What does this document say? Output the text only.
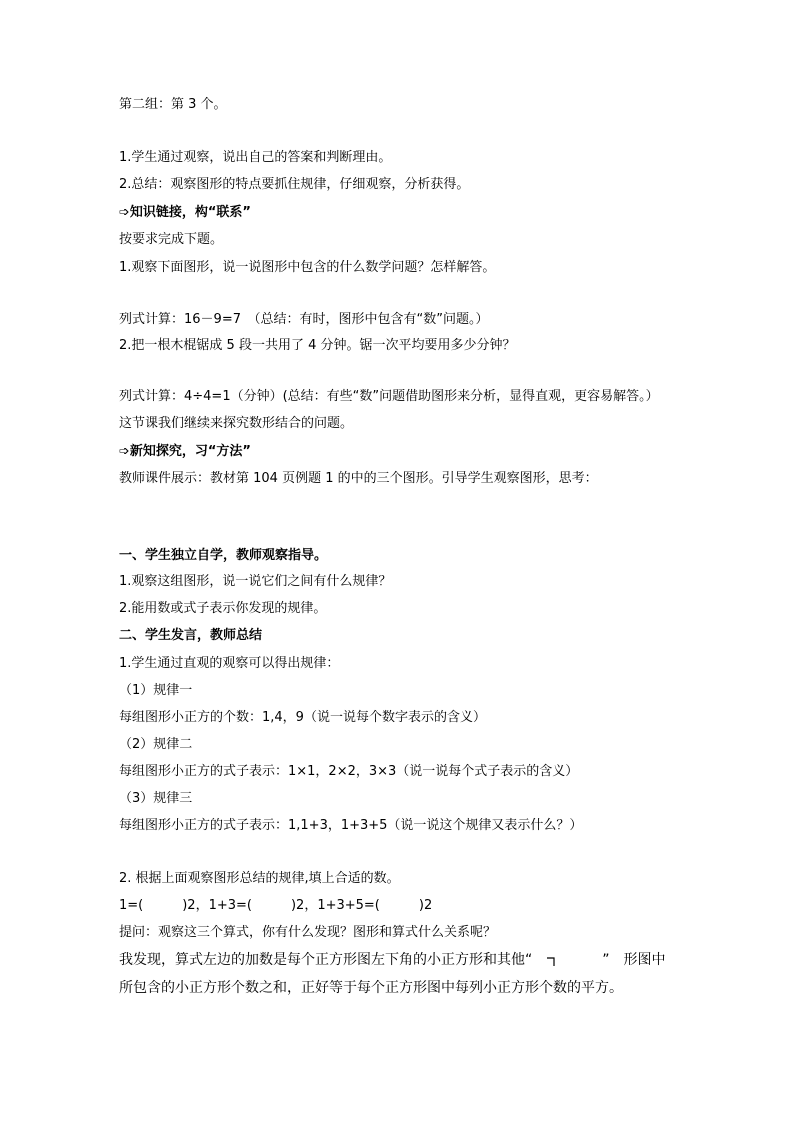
第二组：第 3 个。
1.学生通过观察，说出自己的答案和判断理由。
2.总结：观察图形的特点要抓住规律，仔细观察，分析获得。
➩知识链接，构“联系”
按要求完成下题。
1.观察下面图形，说一说图形中包含的什么数学问题？怎样解答。
列式计算：16－9=7　（总结：有时，图形中包含有“数”问题。）
2.把一根木棍锯成 5 段一共用了 4 分钟。锯一次平均要用多少分钟？
列式计算：4÷4=1（分钟）(总结：有些“数”问题借助图形来分析，显得直观，更容易解答。）
这节课我们继续来探究数形结合的问题。
➩新知探究，习“方法”
教师课件展示：教材第 104 页例题 1 的中的三个图形。引导学生观察图形，思考：
一、学生独立自学，教师观察指导。
1.观察这组图形，说一说它们之间有什么规律？
2.能用数或式子表示你发现的规律。
二、学生发言，教师总结
1.学生通过直观的观察可以得出规律：
（1）规律一
每组图形小正方的个数：1,4，9（说一说每个数字表示的含义）
（2）规律二
每组图形小正方的式子表示：1×1，2×2，3×3（说一说每个式子表示的含义）
（3）规律三
每组图形小正方的式子表示：1,1+3，1+3+5（说一说这个规律又表示什么？）
2. 根据上面观察图形总结的规律,填上合适的数。
1=(　　　)2，1+3=(　　　)2，1+3+5=(　　　)2
提问：观察这三个算式，你有什么发现？图形和算式什么关系呢？
我发现，算式左边的加数是每个正方形图左下角的小正方形和其他“	”　形图中
所包含的小正方形个数之和，正好等于每个正方形图中每列小正方形个数的平方。
